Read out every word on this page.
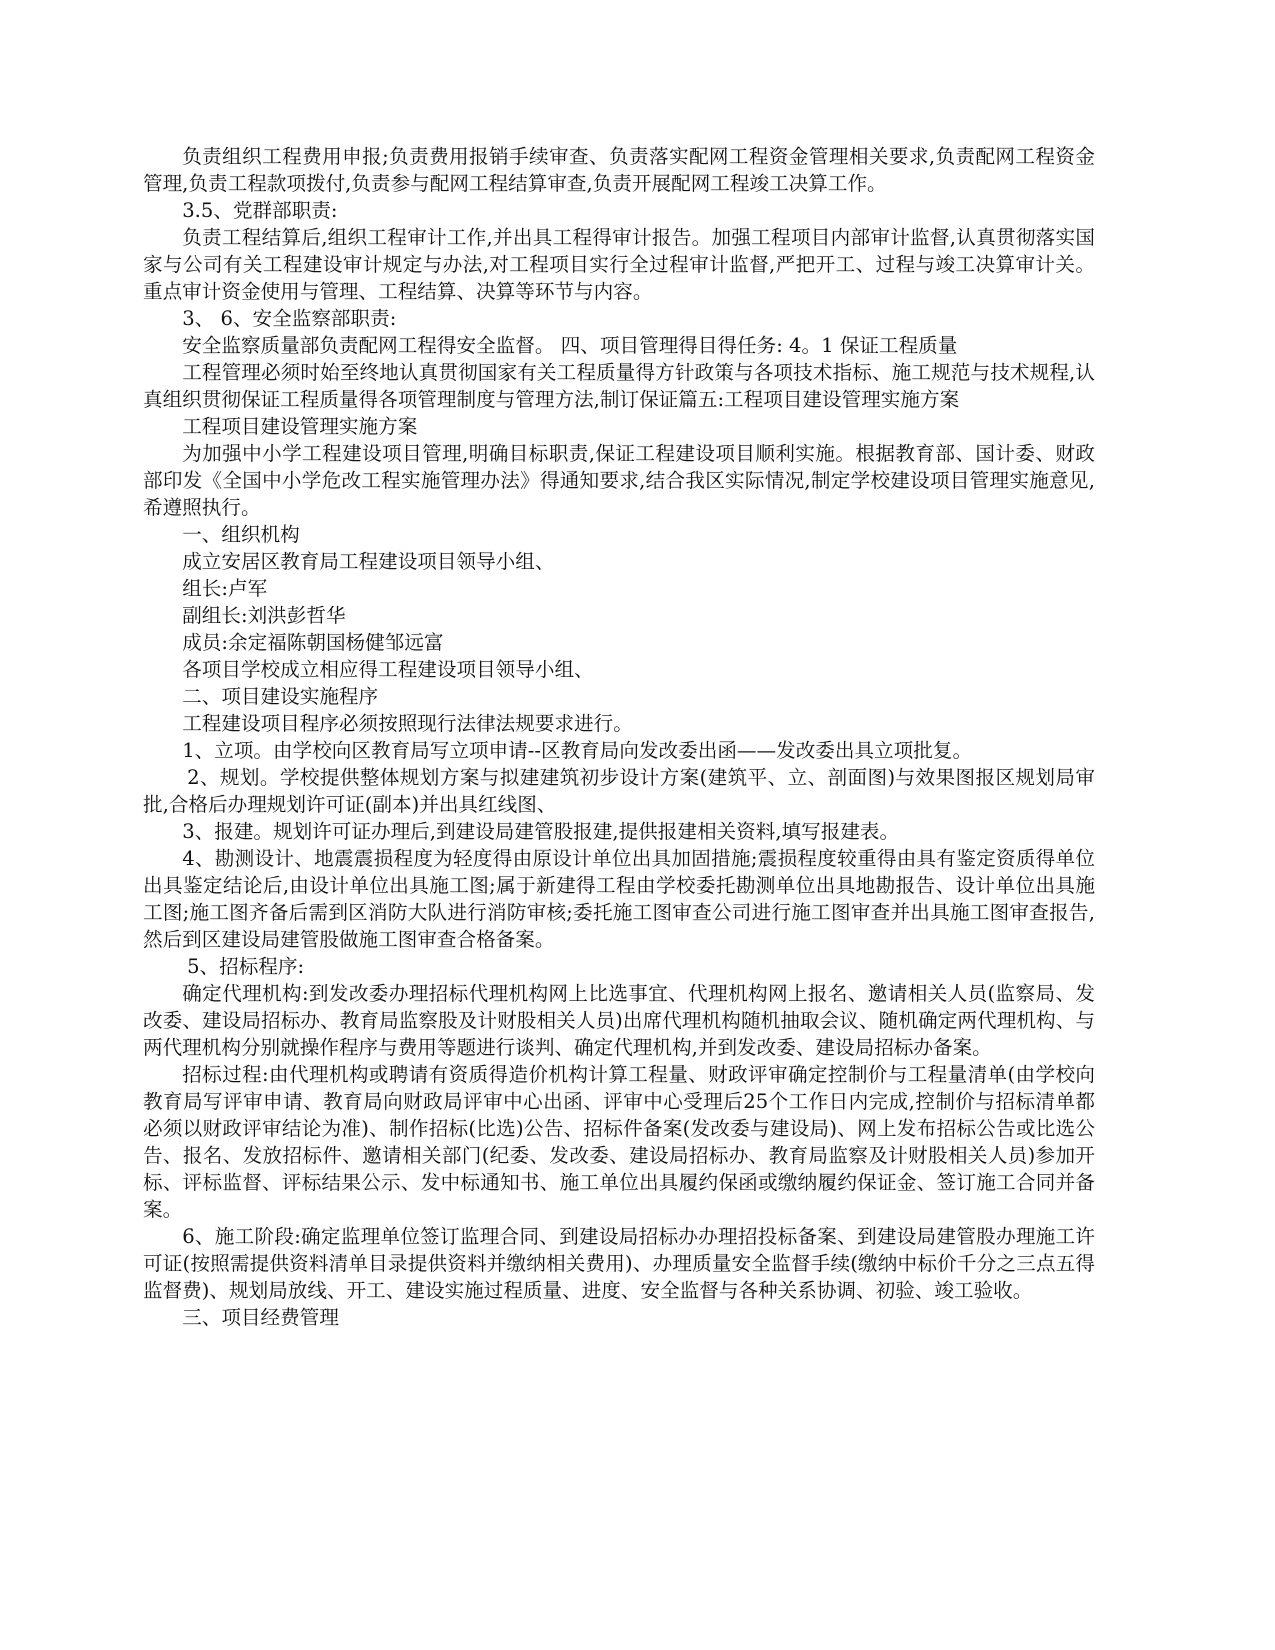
负责组织工程费用申报;负责费用报销手续审查、负责落实配网工程资金管理相关要求,负责配网工程资金管理,负责工程款项拨付,负责参与配网工程结算审查,负责开展配网工程竣工决算工作。

3.5、党群部职责:

负责工程结算后,组织工程审计工作,并出具工程得审计报告。加强工程项目内部审计监督,认真贯彻落实国家与公司有关工程建设审计规定与办法,对工程项目实行全过程审计监督,严把开工、过程与竣工决算审计关。重点审计资金使用与管理、工程结算、决算等环节与内容。

3、 6、安全监察部职责:

安全监察质量部负责配网工程得安全监督。 四、项目管理得目得任务: 4。1 保证工程质量

工程管理必须时始至终地认真贯彻国家有关工程质量得方针政策与各项技术指标、施工规范与技术规程,认真组织贯彻保证工程质量得各项管理制度与管理方法,制订保证篇五:工程项目建设管理实施方案

工程项目建设管理实施方案

为加强中小学工程建设项目管理,明确目标职责,保证工程建设项目顺利实施。根据教育部、国计委、财政部印发《全国中小学危改工程实施管理办法》得通知要求,结合我区实际情况,制定学校建设项目管理实施意见,希遵照执行。

一、组织机构

成立安居区教育局工程建设项目领导小组、

组长:卢军

副组长:刘洪彭哲华

成员:余定福陈朝国杨健邹远富

各项目学校成立相应得工程建设项目领导小组、

二、项目建设实施程序

工程建设项目程序必须按照现行法律法规要求进行。

1、立项。由学校向区教育局写立项申请--区教育局向发改委出函——发改委出具立项批复。

2、规划。学校提供整体规划方案与拟建建筑初步设计方案(建筑平、立、剖面图)与效果图报区规划局审批,合格后办理规划许可证(副本)并出具红线图、

3、报建。规划许可证办理后,到建设局建管股报建,提供报建相关资料,填写报建表。

4、勘测设计、地震震损程度为轻度得由原设计单位出具加固措施;震损程度较重得由具有鉴定资质得单位出具鉴定结论后,由设计单位出具施工图;属于新建得工程由学校委托勘测单位出具地勘报告、设计单位出具施工图;施工图齐备后需到区消防大队进行消防审核;委托施工图审查公司进行施工图审查并出具施工图审查报告,然后到区建设局建管股做施工图审查合格备案。

5、招标程序:

确定代理机构:到发改委办理招标代理机构网上比选事宜、代理机构网上报名、邀请相关人员(监察局、发改委、建设局招标办、教育局监察股及计财股相关人员)出席代理机构随机抽取会议、随机确定两代理机构、与两代理机构分别就操作程序与费用等题进行谈判、确定代理机构,并到发改委、建设局招标办备案。

招标过程:由代理机构或聘请有资质得造价机构计算工程量、财政评审确定控制价与工程量清单(由学校向教育局写评审申请、教育局向财政局评审中心出函、评审中心受理后25个工作日内完成,控制价与招标清单都必须以财政评审结论为准)、制作招标(比选)公告、招标件备案(发改委与建设局)、网上发布招标公告或比选公告、报名、发放招标件、邀请相关部门(纪委、发改委、建设局招标办、教育局监察及计财股相关人员)参加开标、评标监督、评标结果公示、发中标通知书、施工单位出具履约保函或缴纳履约保证金、签订施工合同并备案。

6、施工阶段:确定监理单位签订监理合同、到建设局招标办办理招投标备案、到建设局建管股办理施工许可证(按照需提供资料清单目录提供资料并缴纳相关费用)、办理质量安全监督手续(缴纳中标价千分之三点五得监督费)、规划局放线、开工、建设实施过程质量、进度、安全监督与各种关系协调、初验、竣工验收。

三、项目经费管理
